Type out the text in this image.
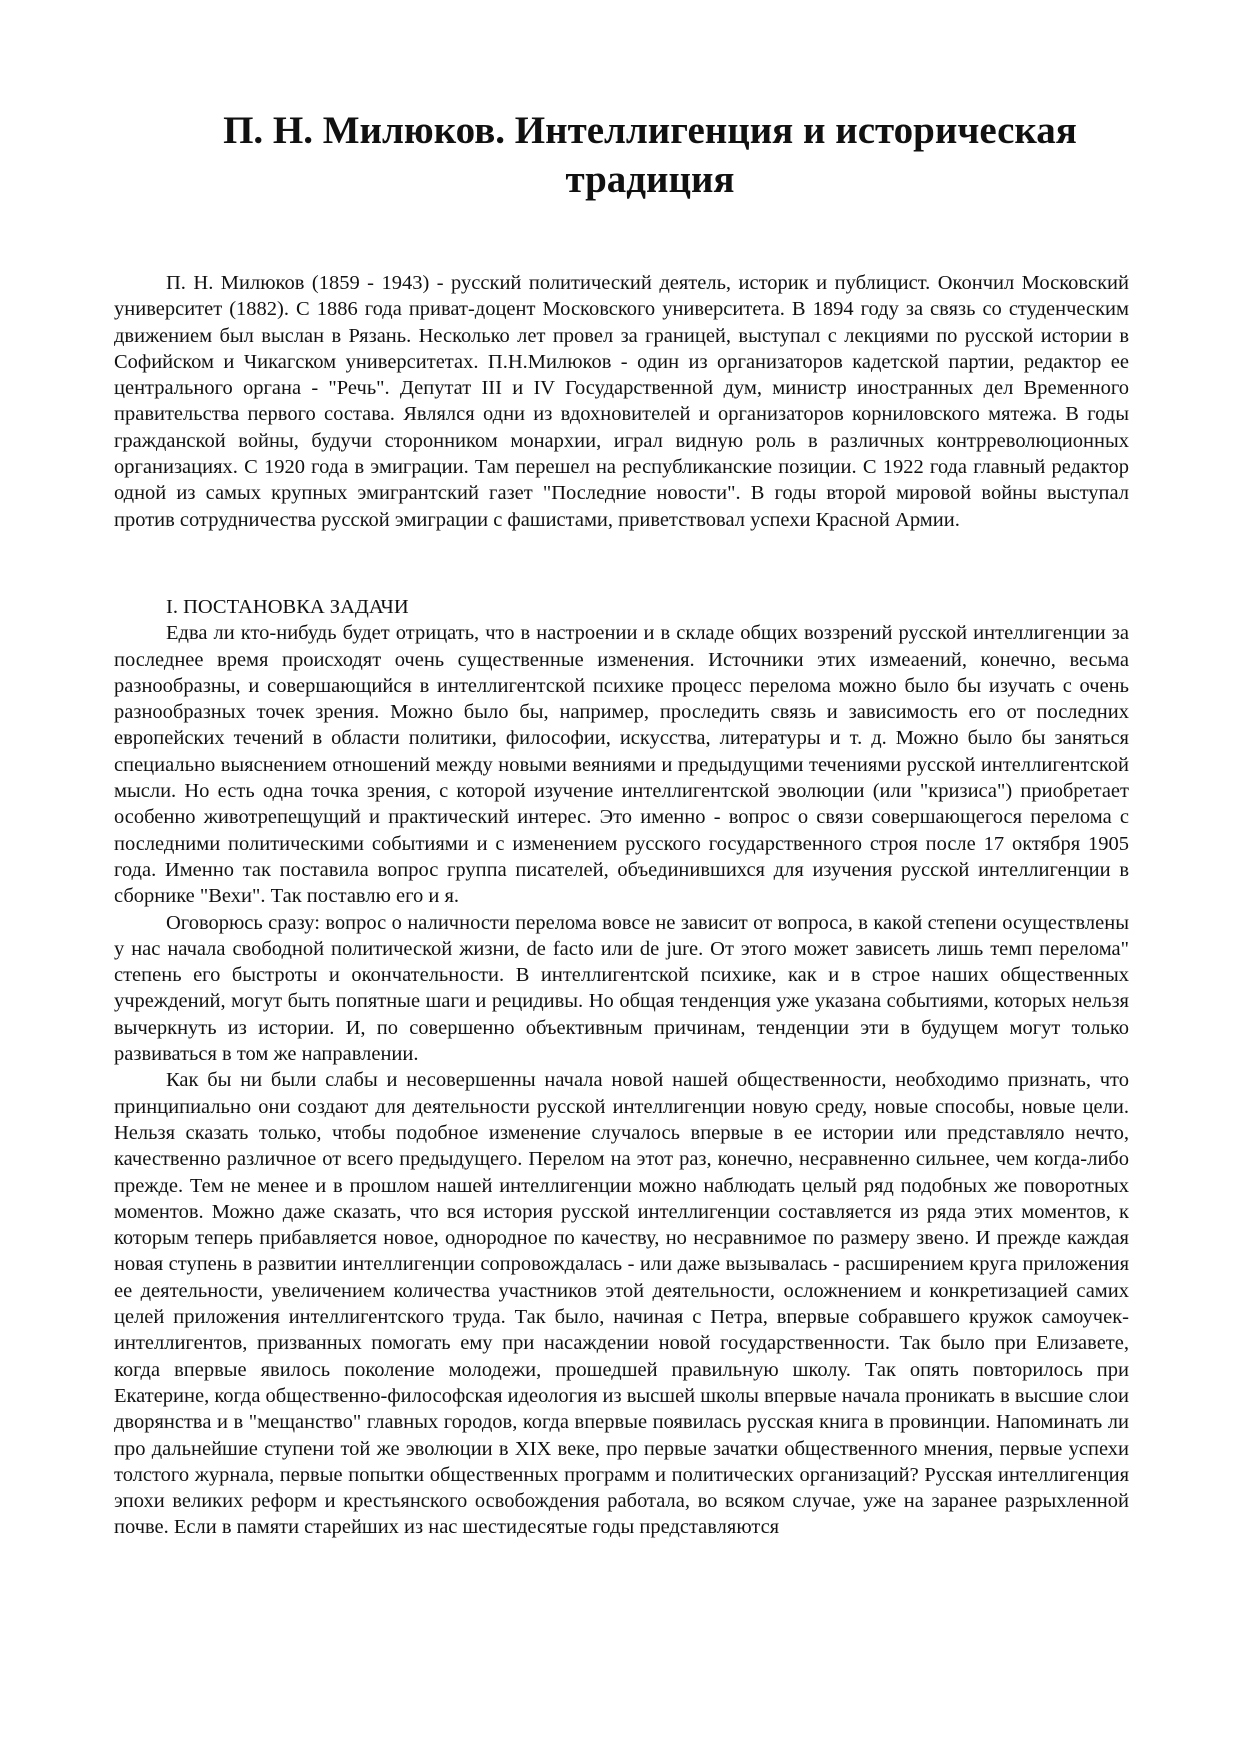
П. Н. Милюков. Интеллигенция и историческая традиция

П. Н. Милюков (1859 - 1943) - русский политический деятель, историк и публицист. Окончил Московский университет (1882). С 1886 года приват-доцент Московского университета. В 1894 году за связь со студенческим движением был выслан в Рязань. Несколько лет провел за границей, выступал с лекциями по русской истории в Софийском и Чикагском университетах. П.Н.Милюков - один из организаторов кадетской партии, редактор ее центрального органа - "Речь". Депутат III и IV Государственной дум, министр иностранных дел Временного правительства первого состава. Являлся одни из вдохновителей и организаторов корниловского мятежа. В годы гражданской войны, будучи сторонником монархии, играл видную роль в различных контрреволюционных организациях. С 1920 года в эмиграции. Там перешел на республиканские позиции. С 1922 года главный редактор одной из самых крупных эмигрантский газет "Последние новости". В годы второй мировой войны выступал против сотрудничества русской эмиграции с фашистами, приветствовал успехи Красной Армии.

I. ПОСТАНОВКА ЗАДАЧИ

Едва ли кто-нибудь будет отрицать, что в настроении и в складе общих воззрений русской интеллигенции за последнее время происходят очень существенные изменения. Источники этих измеаений, конечно, весьма разнообразны, и совершающийся в интеллигентской психике процесс перелома можно было бы изучать с очень разнообразных точек зрения. Можно было бы, например, проследить связь и зависимость его от последних европейских течений в области политики, философии, искусства, литературы и т. д. Можно было бы заняться специально выяснением отношений между новыми веяниями и предыдущими течениями русской интеллигентской мысли. Но есть одна точка зрения, с которой изучение интеллигентской эволюции (или "кризиса") приобретает особенно животрепещущий и практический интерес. Это именно - вопрос о связи совершающегося перелома с последними политическими событиями и с изменением русского государственного строя после 17 октября 1905 года. Именно так поставила вопрос группа писателей, объединившихся для изучения русской интеллигенции в сборнике "Вехи". Так поставлю его и я.

Оговорюсь сразу: вопрос о наличности перелома вовсе не зависит от вопроса, в какой степени осуществлены у нас начала свободной политической жизни, de facto или de jure. От этого может зависеть лишь темп перелома" степень его быстроты и окончательности. В интеллигентской психике, как и в строе наших общественных учреждений, могут быть попятные шаги и рецидивы. Но общая тенденция уже указана событиями, которых нельзя вычеркнуть из истории. И, по совершенно объективным причинам, тенденции эти в будущем могут только развиваться в том же направлении.

Как бы ни были слабы и несовершенны начала новой нашей общественности, необходимо признать, что принципиально они создают для деятельности русской интеллигенции новую среду, новые способы, новые цели. Нельзя сказать только, чтобы подобное изменение случалось впервые в ее истории или представляло нечто, качественно различное от всего предыдущего. Перелом на этот раз, конечно, несравненно сильнее, чем когда-либо прежде. Тем не менее и в прошлом нашей интеллигенции можно наблюдать целый ряд подобных же поворотных моментов. Можно даже сказать, что вся история русской интеллигенции составляется из ряда этих моментов, к которым теперь прибавляется новое, однородное по качеству, но несравнимое по размеру звено. И прежде каждая новая ступень в развитии интеллигенции сопровождалась - или даже вызывалась - расширением круга приложения ее деятельности, увеличением количества участников этой деятельности, осложнением и конкретизацией самих целей приложения интеллигентского труда. Так было, начиная с Петра, впервые собравшего кружок самоучек-интеллигентов, призванных помогать ему при насаждении новой государственности. Так было при Елизавете, когда впервые явилось поколение молодежи, прошедшей правильную школу. Так опять повторилось при Екатерине, когда общественно-философская идеология из высшей школы впервые начала проникать в высшие слои дворянства и в "мещанство" главных городов, когда впервые появилась русская книга в провинции. Напоминать ли про дальнейшие ступени той же эволюции в XIX веке, про первые зачатки общественного мнения, первые успехи толстого журнала, первые попытки общественных программ и политических организаций? Русская интеллигенция эпохи великих реформ и крестьянского освобождения работала, во всяком случае, уже на заранее разрыхленной почве. Если в памяти старейших из нас шестидесятые годы представляются
